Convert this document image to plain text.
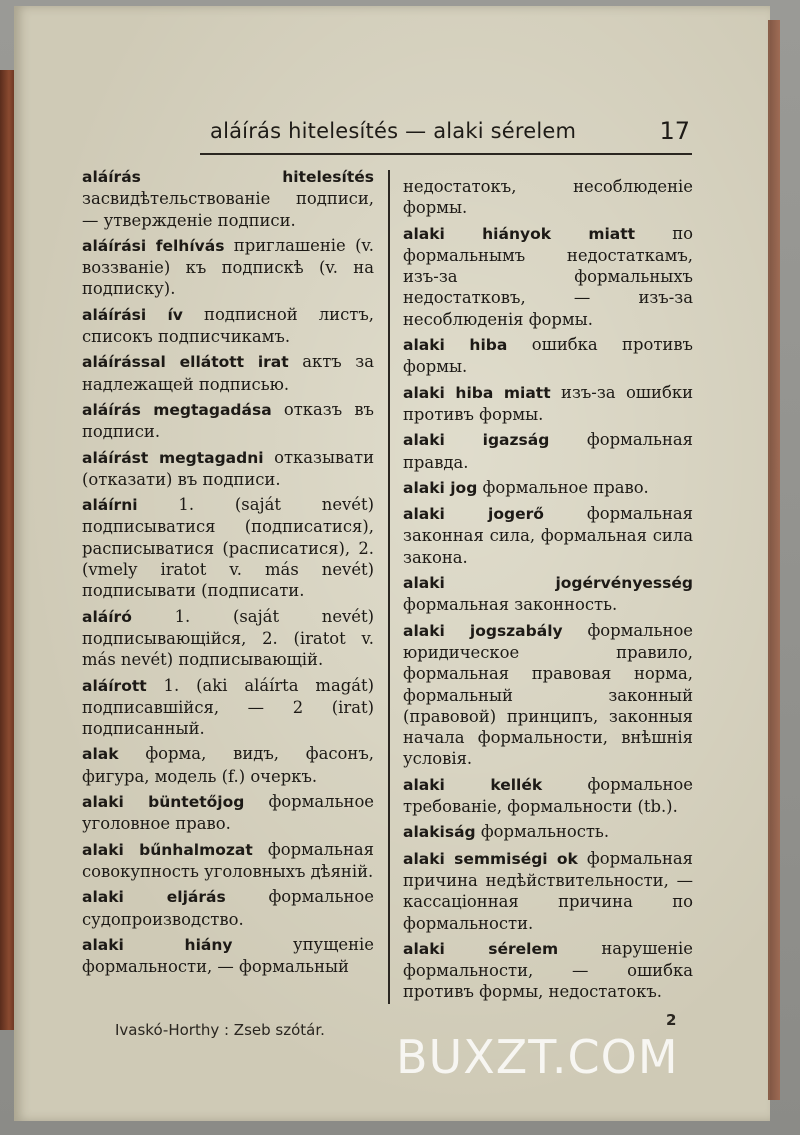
aláírás hitelesítés — alaki sérelem	17
aláírás hitelesítés засвидѣтельствованіе подписи, — утвержденіе подписи.
aláírási felhívás приглашеніе (v. воззваніе) къ подпискѣ (v. на подписку).
aláírási ív подписной листъ, списокъ подписчикамъ.
aláírással ellátott irat актъ за надлежащей подписью.
aláírás megtagadása отказъ въ подписи.
aláírást megtagadni отказывати (отказати) въ подписи.
aláírni 1. (saját nevét) подписыватися (подписатися), расписыватися (расписатися), 2. (vmely iratot v. más nevét) подписывати (подписати.
aláíró 1. (saját nevét) подписывающійся, 2. (iratot v. más nevét) подписывающій.
aláírott 1. (aki aláírta magát) подписавшійся, — 2 (irat) подписанный.
alak форма, видъ, фасонъ, фигура, модель (f.) очеркъ.
alaki büntetőjog формальное уголовное право.
alaki bűnhalmozat формальная совокупность уголовныхъ дѣяній.
alaki eljárás формальное судопроизводство.
alaki hiány упущеніе формальности, — формальный
недостатокъ, несоблюденіе формы.
alaki hiányok miatt по формальнымъ недостаткамъ, изъ-за формальныхъ недостатковъ, — изъ-за несоблюденія формы.
alaki hiba ошибка противъ формы.
alaki hiba miatt изъ-за ошибки противъ формы.
alaki igazság формальная правда.
alaki jog формальное право.
alaki jogerő формальная законная сила, формальная сила закона.
alaki jogérvényesség формальная законность.
alaki jogszabály формальное юридическое правило, формальная правовая норма, формальный законный (правовой) принципъ, законныя начала формальности, внѣшнія условія.
alaki kellék формальное требованіе, формальности (tb.).
alakiság формальность.
alaki semmiségi ok формальная причина недѣйствительности, — кассаціонная причина по формальности.
alaki sérelem нарушеніе формальности, — ошибка противъ формы, недостатокъ.
Ivaskó-Horthy : Zseb szótár.
2
BUXZT.COM
